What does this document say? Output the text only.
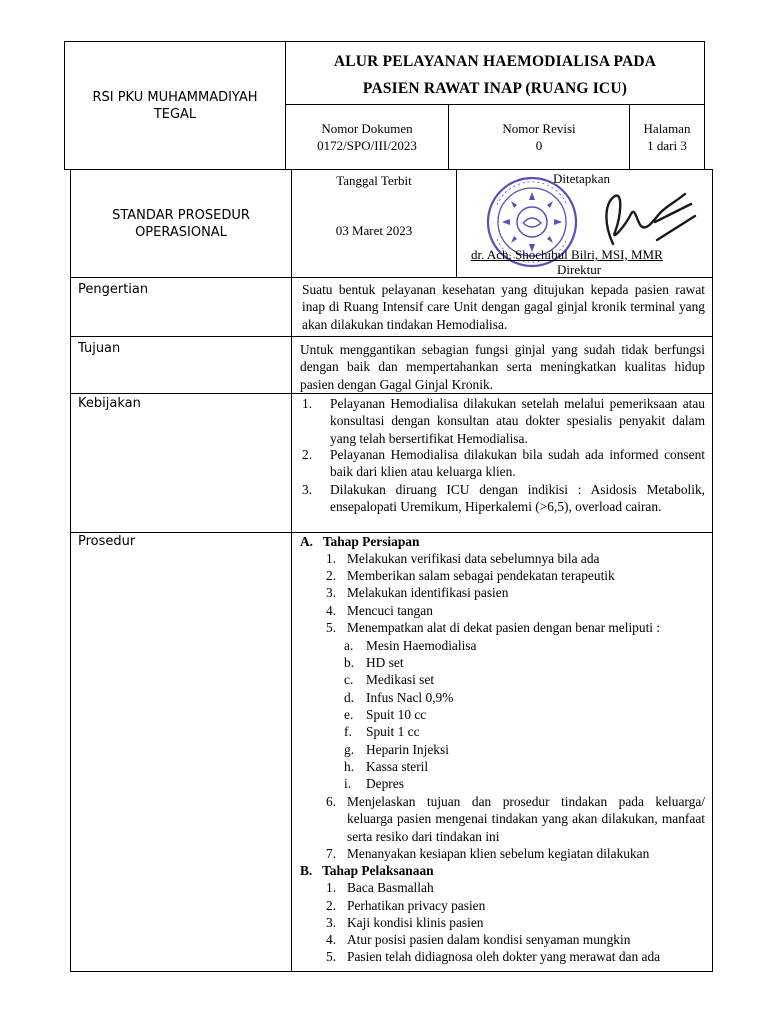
RSI PKU MUHAMMADIYAH TEGAL
ALUR PELAYANAN HAEMODIALISA PADA
PASIEN RAWAT INAP (RUANG ICU)
Nomor Dokumen
0172/SPO/III/2023
Nomor Revisi
0
Halaman
1 dari 3
STANDAR PROSEDUR OPERASIONAL
Tanggal Terbit
03 Maret 2023
Ditetapkan
dr. Ach. Shochibul Bilri, MSI, MMR
Direktur
Pengertian
Tujuan
Kebijakan
Prosedur
Suatu bentuk pelayanan kesehatan yang ditujukan kepada pasien rawat inap di Ruang Intensif care Unit dengan gagal ginjal kronik terminal yang akan dilakukan tindakan Hemodialisa.
Untuk menggantikan sebagian fungsi ginjal yang sudah tidak berfungsi dengan baik dan mempertahankan serta meningkatkan kualitas hidup pasien dengan Gagal Ginjal Kronik.
1. Pelayanan Hemodialisa dilakukan setelah melalui pemeriksaan atau konsultasi dengan konsultan atau dokter spesialis penyakit dalam yang telah bersertifikat Hemodialisa.
2. Pelayanan Hemodialisa dilakukan bila sudah ada informed consent baik dari klien atau keluarga klien.
3. Dilakukan diruang ICU dengan indikisi : Asidosis Metabolik, ensepalopati Uremikum, Hiperkalemi (>6,5), overload cairan.
A.   Tahap Persiapan
1. Melakukan verifikasi data sebelumnya bila ada
2. Memberikan salam sebagai pendekatan terapeutik
3. Melakukan identifikasi pasien
4. Mencuci tangan
5. Menempatkan alat di dekat pasien dengan benar meliputi :
a. Mesin Haemodialisa
b. HD set
c. Medikasi set
d. Infus Nacl 0,9%
e. Spuit 10 cc
f. Spuit 1 cc
g. Heparin Injeksi
h. Kassa steril
i. Depres
6. Menjelaskan tujuan dan prosedur tindakan pada keluarga/ keluarga pasien mengenai tindakan yang akan dilakukan, manfaat serta resiko dari tindakan ini
7. Menanyakan kesiapan klien sebelum kegiatan dilakukan
B.   Tahap Pelaksanaan
1. Baca Basmallah
2. Perhatikan privacy pasien
3. Kaji kondisi klinis pasien
4. Atur posisi pasien dalam kondisi senyaman mungkin
5. Pasien telah didiagnosa oleh dokter yang merawat dan ada
